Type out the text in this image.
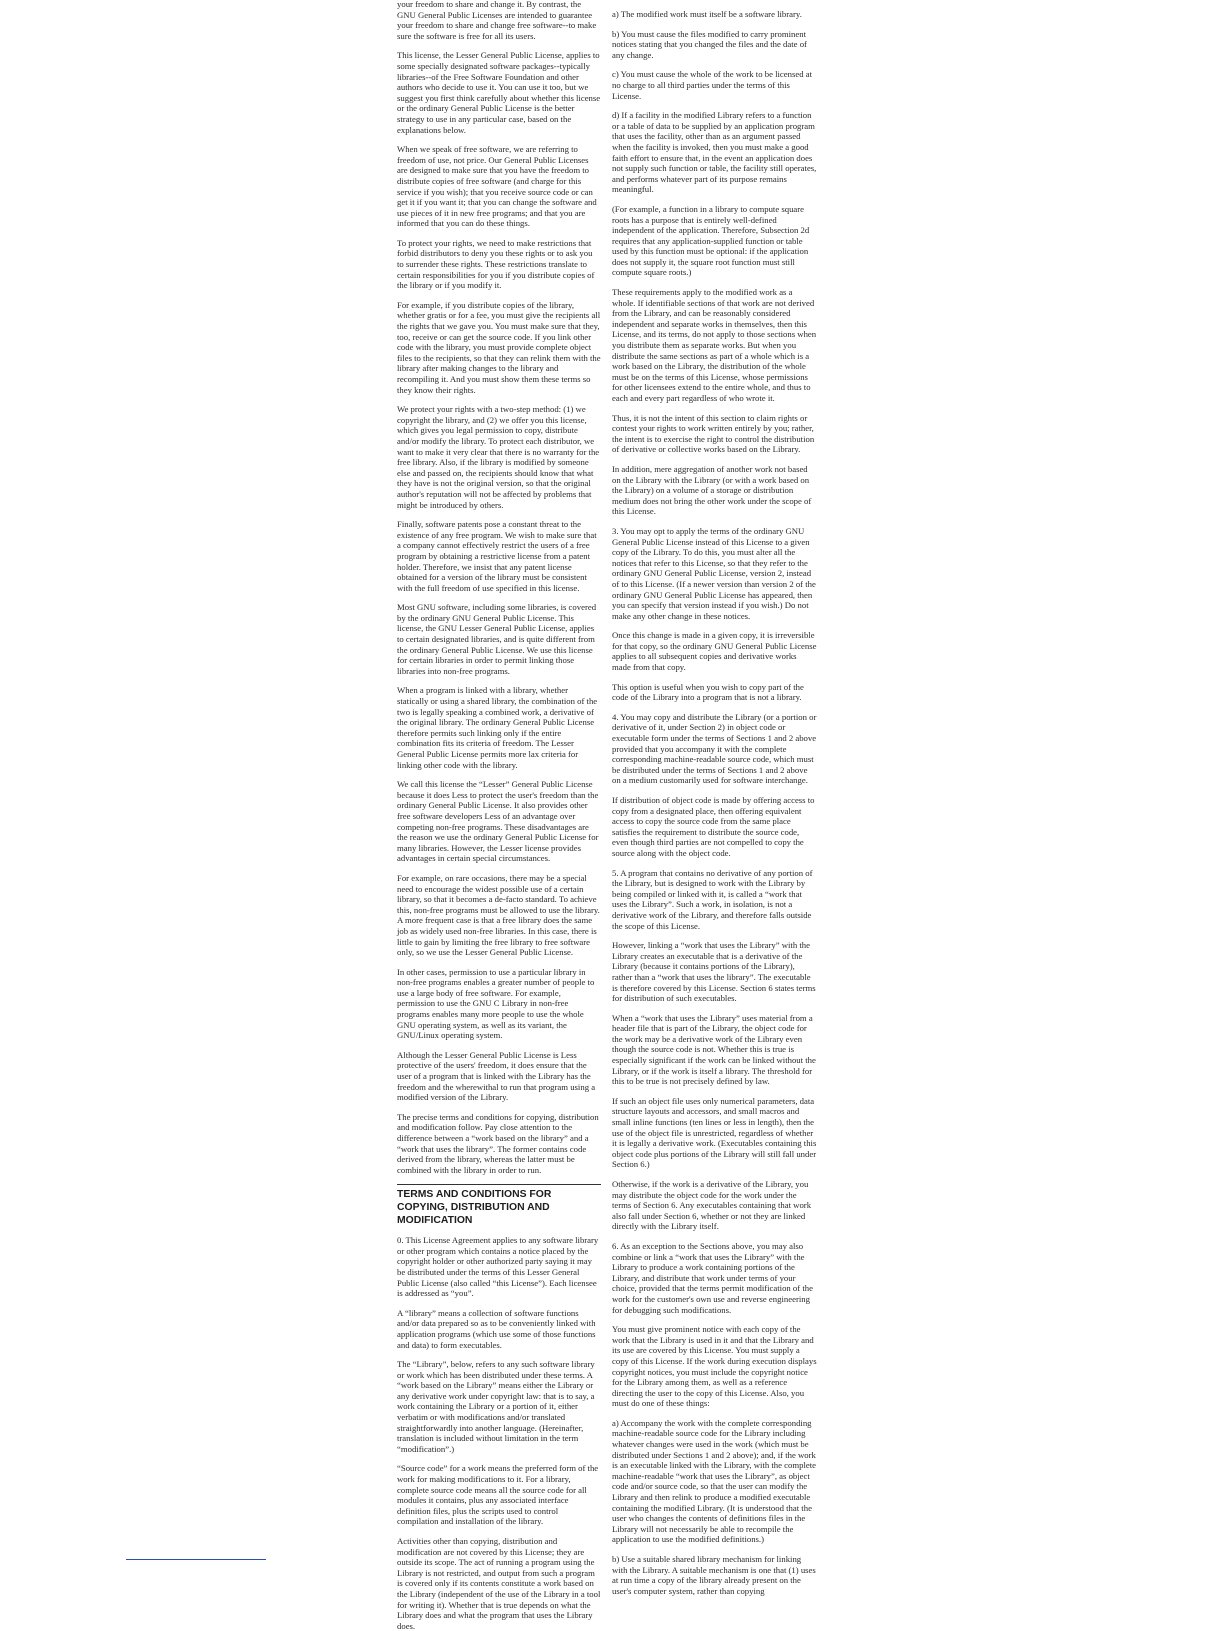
your freedom to share and change it. By contrast, the GNU General Public Licenses are intended to guarantee your freedom to share and change free software--to make sure the software is free for all its users.

This license, the Lesser General Public License, applies to some specially designated software packages--typically libraries--of the Free Software Foundation and other authors who decide to use it. You can use it too, but we suggest you first think carefully about whether this license or the ordinary General Public License is the better strategy to use in any particular case, based on the explanations below.

When we speak of free software, we are referring to freedom of use, not price. Our General Public Licenses are designed to make sure that you have the freedom to distribute copies of free software (and charge for this service if you wish); that you receive source code or can get it if you want it; that you can change the software and use pieces of it in new free programs; and that you are informed that you can do these things.

To protect your rights, we need to make restrictions that forbid distributors to deny you these rights or to ask you to surrender these rights. These restrictions translate to certain responsibilities for you if you distribute copies of the library or if you modify it.

For example, if you distribute copies of the library, whether gratis or for a fee, you must give the recipients all the rights that we gave you. You must make sure that they, too, receive or can get the source code. If you link other code with the library, you must provide complete object files to the recipients, so that they can relink them with the library after making changes to the library and recompiling it. And you must show them these terms so they know their rights.

We protect your rights with a two-step method: (1) we copyright the library, and (2) we offer you this license, which gives you legal permission to copy, distribute and/or modify the library. To protect each distributor, we want to make it very clear that there is no warranty for the free library. Also, if the library is modified by someone else and passed on, the recipients should know that what they have is not the original version, so that the original author's reputation will not be affected by problems that might be introduced by others.

Finally, software patents pose a constant threat to the existence of any free program. We wish to make sure that a company cannot effectively restrict the users of a free program by obtaining a restrictive license from a patent holder. Therefore, we insist that any patent license obtained for a version of the library must be consistent with the full freedom of use specified in this license.

Most GNU software, including some libraries, is covered by the ordinary GNU General Public License. This license, the GNU Lesser General Public License, applies to certain designated libraries, and is quite different from the ordinary General Public License. We use this license for certain libraries in order to permit linking those libraries into non-free programs.

When a program is linked with a library, whether statically or using a shared library, the combination of the two is legally speaking a combined work, a derivative of the original library. The ordinary General Public License therefore permits such linking only if the entire combination fits its criteria of freedom. The Lesser General Public License permits more lax criteria for linking other code with the library.

We call this license the “Lesser” General Public License because it does Less to protect the user's freedom than the ordinary General Public License. It also provides other free software developers Less of an advantage over competing non-free programs. These disadvantages are the reason we use the ordinary General Public License for many libraries. However, the Lesser license provides advantages in certain special circumstances.

For example, on rare occasions, there may be a special need to encourage the widest possible use of a certain library, so that it becomes a de-facto standard. To achieve this, non-free programs must be allowed to use the library. A more frequent case is that a free library does the same job as widely used non-free libraries. In this case, there is little to gain by limiting the free library to free software only, so we use the Lesser General Public License.

In other cases, permission to use a particular library in non-free programs enables a greater number of people to use a large body of free software. For example, permission to use the GNU C Library in non-free programs enables many more people to use the whole GNU operating system, as well as its variant, the GNU/Linux operating system.

Although the Lesser General Public License is Less protective of the users' freedom, it does ensure that the user of a program that is linked with the Library has the freedom and the wherewithal to run that program using a modified version of the Library.

The precise terms and conditions for copying, distribution and modification follow. Pay close attention to the difference between a “work based on the library” and a “work that uses the library”. The former contains code derived from the library, whereas the latter must be combined with the library in order to run.

TERMS AND CONDITIONS FOR COPYING, DISTRIBUTION AND MODIFICATION

0. This License Agreement applies to any software library or other program which contains a notice placed by the copyright holder or other authorized party saying it may be distributed under the terms of this Lesser General Public License (also called “this License”). Each licensee is addressed as “you”.

A “library” means a collection of software functions and/or data prepared so as to be conveniently linked with application programs (which use some of those functions and data) to form executables.

The “Library”, below, refers to any such software library or work which has been distributed under these terms. A “work based on the Library” means either the Library or any derivative work under copyright law: that is to say, a work containing the Library or a portion of it, either verbatim or with modifications and/or translated straightforwardly into another language. (Hereinafter, translation is included without limitation in the term “modification”.)

“Source code” for a work means the preferred form of the work for making modifications to it. For a library, complete source code means all the source code for all modules it contains, plus any associated interface definition files, plus the scripts used to control compilation and installation of the library.

Activities other than copying, distribution and modification are not covered by this License; they are outside its scope. The act of running a program using the Library is not restricted, and output from such a program is covered only if its contents constitute a work based on the Library (independent of the use of the Library in a tool for writing it). Whether that is true depends on what the Library does and what the program that uses the Library does.

a) The modified work must itself be a software library.

b) You must cause the files modified to carry prominent notices stating that you changed the files and the date of any change.

c) You must cause the whole of the work to be licensed at no charge to all third parties under the terms of this License.

d) If a facility in the modified Library refers to a function or a table of data to be supplied by an application program that uses the facility, other than as an argument passed when the facility is invoked, then you must make a good faith effort to ensure that, in the event an application does not supply such function or table, the facility still operates, and performs whatever part of its purpose remains meaningful.

(For example, a function in a library to compute square roots has a purpose that is entirely well-defined independent of the application. Therefore, Subsection 2d requires that any application-supplied function or table used by this function must be optional: if the application does not supply it, the square root function must still compute square roots.)

These requirements apply to the modified work as a whole. If identifiable sections of that work are not derived from the Library, and can be reasonably considered independent and separate works in themselves, then this License, and its terms, do not apply to those sections when you distribute them as separate works. But when you distribute the same sections as part of a whole which is a work based on the Library, the distribution of the whole must be on the terms of this License, whose permissions for other licensees extend to the entire whole, and thus to each and every part regardless of who wrote it.

Thus, it is not the intent of this section to claim rights or contest your rights to work written entirely by you; rather, the intent is to exercise the right to control the distribution of derivative or collective works based on the Library.

In addition, mere aggregation of another work not based on the Library with the Library (or with a work based on the Library) on a volume of a storage or distribution medium does not bring the other work under the scope of this License.

3. You may opt to apply the terms of the ordinary GNU General Public License instead of this License to a given copy of the Library. To do this, you must alter all the notices that refer to this License, so that they refer to the ordinary GNU General Public License, version 2, instead of to this License. (If a newer version than version 2 of the ordinary GNU General Public License has appeared, then you can specify that version instead if you wish.) Do not make any other change in these notices.

Once this change is made in a given copy, it is irreversible for that copy, so the ordinary GNU General Public License applies to all subsequent copies and derivative works made from that copy.

This option is useful when you wish to copy part of the code of the Library into a program that is not a library.

4. You may copy and distribute the Library (or a portion or derivative of it, under Section 2) in object code or executable form under the terms of Sections 1 and 2 above provided that you accompany it with the complete corresponding machine-readable source code, which must be distributed under the terms of Sections 1 and 2 above on a medium customarily used for software interchange.

If distribution of object code is made by offering access to copy from a designated place, then offering equivalent access to copy the source code from the same place satisfies the requirement to distribute the source code, even though third parties are not compelled to copy the source along with the object code.

5. A program that contains no derivative of any portion of the Library, but is designed to work with the Library by being compiled or linked with it, is called a “work that uses the Library”. Such a work, in isolation, is not a derivative work of the Library, and therefore falls outside the scope of this License.

However, linking a “work that uses the Library” with the Library creates an executable that is a derivative of the Library (because it contains portions of the Library), rather than a “work that uses the library”. The executable is therefore covered by this License. Section 6 states terms for distribution of such executables.

When a “work that uses the Library” uses material from a header file that is part of the Library, the object code for the work may be a derivative work of the Library even though the source code is not. Whether this is true is especially significant if the work can be linked without the Library, or if the work is itself a library. The threshold for this to be true is not precisely defined by law.

If such an object file uses only numerical parameters, data structure layouts and accessors, and small macros and small inline functions (ten lines or less in length), then the use of the object file is unrestricted, regardless of whether it is legally a derivative work. (Executables containing this object code plus portions of the Library will still fall under Section 6.)

Otherwise, if the work is a derivative of the Library, you may distribute the object code for the work under the terms of Section 6. Any executables containing that work also fall under Section 6, whether or not they are linked directly with the Library itself.

6. As an exception to the Sections above, you may also combine or link a “work that uses the Library” with the Library to produce a work containing portions of the Library, and distribute that work under terms of your choice, provided that the terms permit modification of the work for the customer's own use and reverse engineering for debugging such modifications.

You must give prominent notice with each copy of the work that the Library is used in it and that the Library and its use are covered by this License. You must supply a copy of this License. If the work during execution displays copyright notices, you must include the copyright notice for the Library among them, as well as a reference directing the user to the copy of this License. Also, you must do one of these things:

a) Accompany the work with the complete corresponding machine-readable source code for the Library including whatever changes were used in the work (which must be distributed under Sections 1 and 2 above); and, if the work is an executable linked with the Library, with the complete machine-readable “work that uses the Library”, as object code and/or source code, so that the user can modify the Library and then relink to produce a modified executable containing the modified Library. (It is understood that the user who changes the contents of definitions files in the Library will not necessarily be able to recompile the application to use the modified definitions.)

b) Use a suitable shared library mechanism for linking with the Library. A suitable mechanism is one that (1) uses at run time a copy of the library already present on the user's computer system, rather than copying
